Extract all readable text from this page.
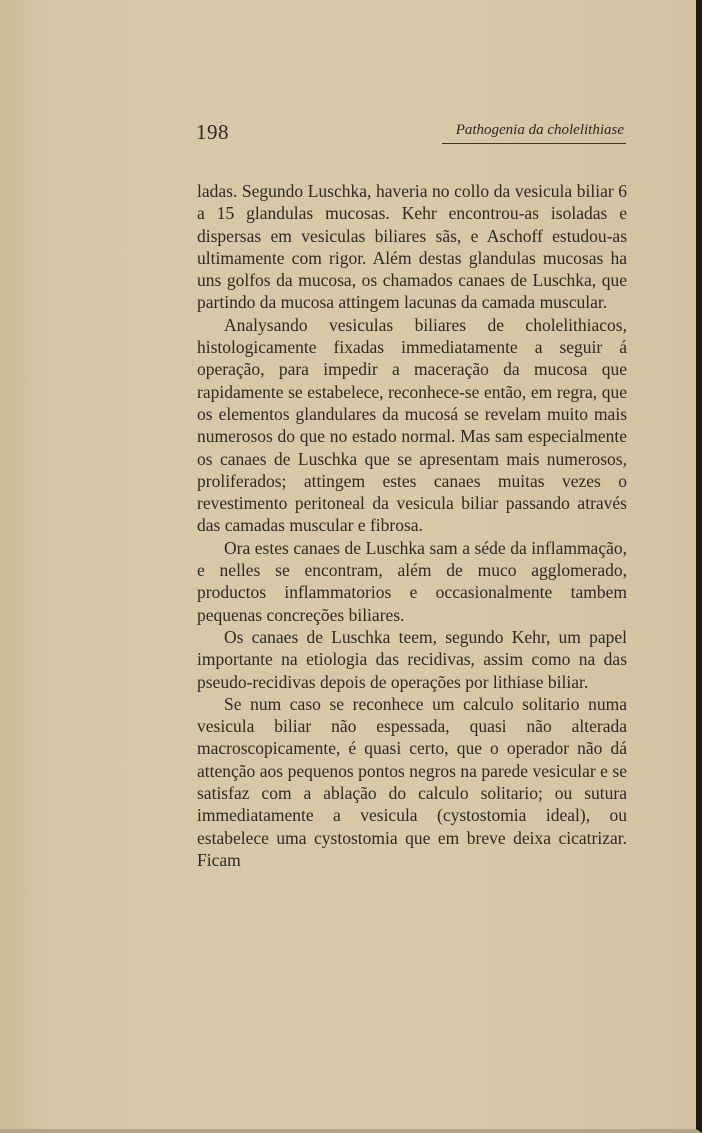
198	Pathogenia da cholelithiase

ladas. Segundo Luschka, haveria no collo da vesicula biliar 6 a 15 glandulas mucosas. Kehr encontrou-as isoladas e dispersas em vesiculas biliares sãs, e Aschoff estudou-as ultimamente com rigor. Além destas glandulas mucosas ha uns golfos da mucosa, os chamados canaes de Luschka, que partindo da mucosa attingem lacunas da camada muscular.

Analysando vesiculas biliares de cholelithiacos, histologicamente fixadas immediatamente a seguir á operação, para impedir a maceração da mucosa que rapidamente se estabelece, reconhece-se então, em regra, que os elementos glandulares da mucosá se revelam muito mais numerosos do que no estado normal. Mas sam especialmente os canaes de Luschka que se apresentam mais numerosos, proliferados; attingem estes canaes muitas vezes o revestimento peritoneal da vesicula biliar passando através das camadas muscular e fibrosa.

Ora estes canaes de Luschka sam a séde da inflammação, e nelles se encontram, além de muco agglomerado, productos inflammatorios e occasionalmente tambem pequenas concreções biliares.

Os canaes de Luschka teem, segundo Kehr, um papel importante na etiologia das recidivas, assim como na das pseudo-recidivas depois de operações por lithiase biliar.

Se num caso se reconhece um calculo solitario numa vesicula biliar não espessada, quasi não alterada macroscopicamente, é quasi certo, que o operador não dá attenção aos pequenos pontos negros na parede vesicular e se satisfaz com a ablação do calculo solitario; ou sutura immediatamente a vesicula (cystostomia ideal), ou estabelece uma cystostomia que em breve deixa cicatrizar. Ficam
